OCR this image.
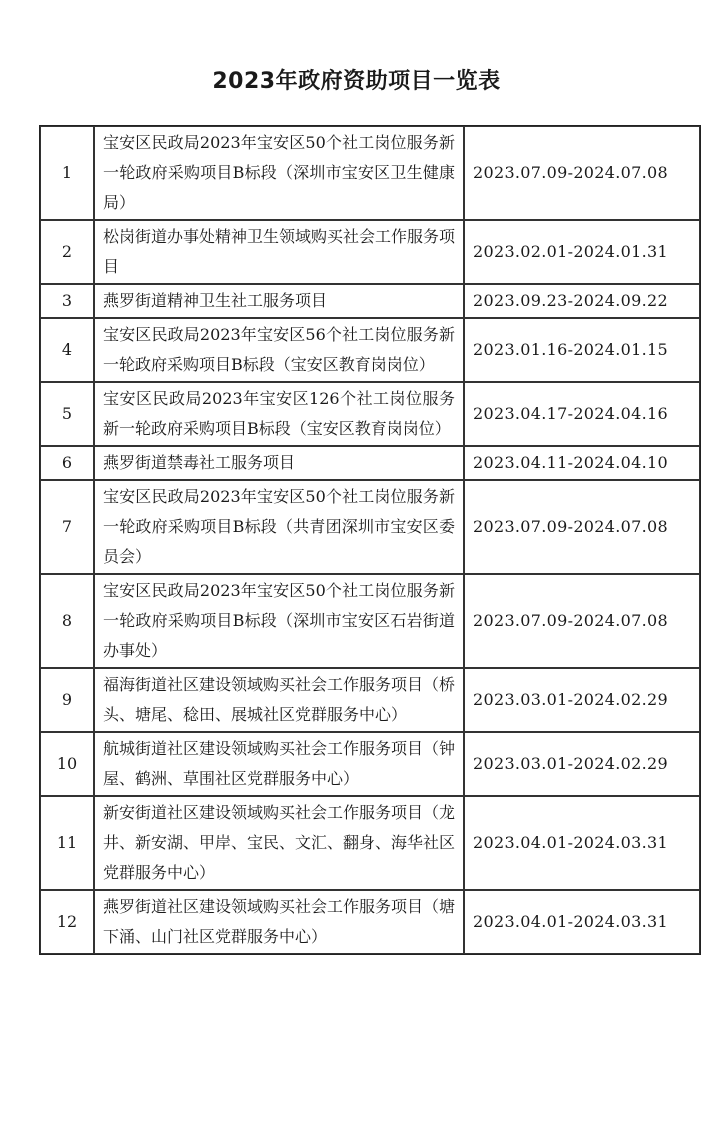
2023年政府资助项目一览表
1	宝安区民政局2023年宝安区50个社工岗位服务新一轮政府采购项目B标段（深圳市宝安区卫生健康局）	2023.07.09-2024.07.08
2	松岗街道办事处精神卫生领域购买社会工作服务项目	2023.02.01-2024.01.31
3	燕罗街道精神卫生社工服务项目	2023.09.23-2024.09.22
4	宝安区民政局2023年宝安区56个社工岗位服务新一轮政府采购项目B标段（宝安区教育岗岗位）	2023.01.16-2024.01.15
5	宝安区民政局2023年宝安区126个社工岗位服务新一轮政府采购项目B标段（宝安区教育岗岗位）	2023.04.17-2024.04.16
6	燕罗街道禁毒社工服务项目	2023.04.11-2024.04.10
7	宝安区民政局2023年宝安区50个社工岗位服务新一轮政府采购项目B标段（共青团深圳市宝安区委员会）	2023.07.09-2024.07.08
8	宝安区民政局2023年宝安区50个社工岗位服务新一轮政府采购项目B标段（深圳市宝安区石岩街道办事处）	2023.07.09-2024.07.08
9	福海街道社区建设领域购买社会工作服务项目（桥头、塘尾、稔田、展城社区党群服务中心）	2023.03.01-2024.02.29
10	航城街道社区建设领域购买社会工作服务项目（钟屋、鹤洲、草围社区党群服务中心）	2023.03.01-2024.02.29
11	新安街道社区建设领域购买社会工作服务项目（龙井、新安湖、甲岸、宝民、文汇、翻身、海华社区党群服务中心）	2023.04.01-2024.03.31
12	燕罗街道社区建设领域购买社会工作服务项目（塘下涌、山门社区党群服务中心）	2023.04.01-2024.03.31
